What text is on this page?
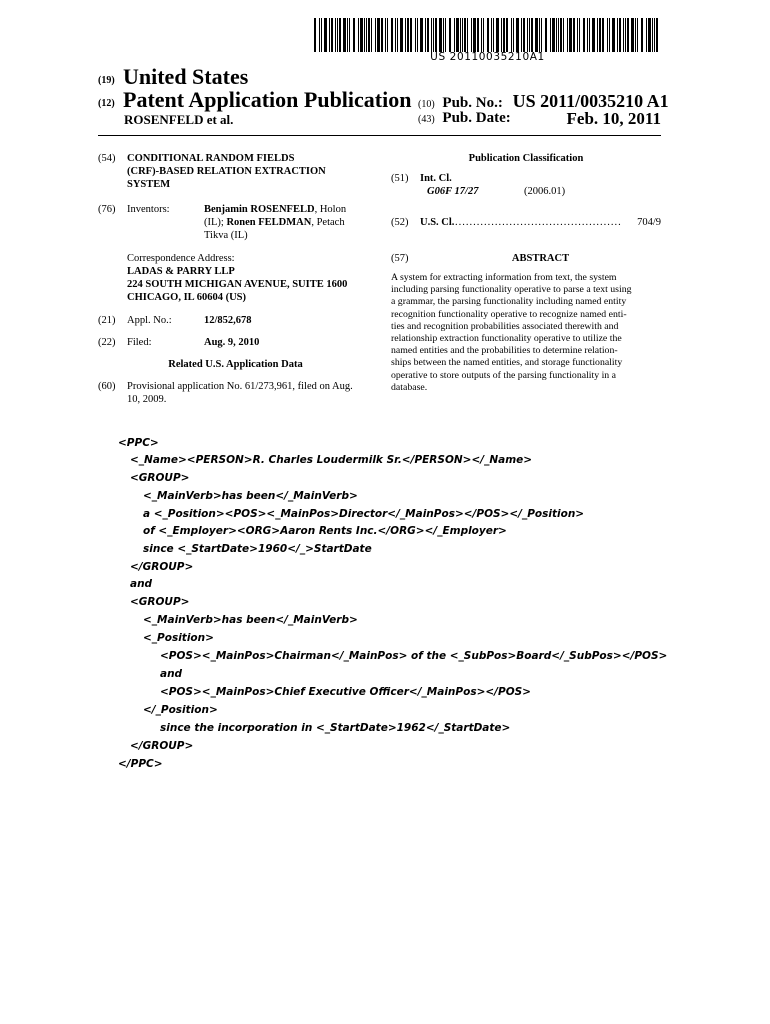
US 20110035210A1
(19) United States
(12) Patent Application Publication
ROSENFELD et al.
(10) Pub. No.: US 2011/0035210 A1
(43) Pub. Date:	Feb. 10, 2011
(54) CONDITIONAL RANDOM FIELDS
(CRF)-BASED RELATION EXTRACTION
SYSTEM
(76) Inventors:	Benjamin ROSENFELD, Holon
(IL); Ronen FELDMAN, Petach
Tikva (IL)
Correspondence Address:
LADAS & PARRY LLP
224 SOUTH MICHIGAN AVENUE, SUITE 1600
CHICAGO, IL 60604 (US)
(21) Appl. No.:	12/852,678
(22) Filed:	Aug. 9, 2010
Related U.S. Application Data
(60) Provisional application No. 61/273,961, filed on Aug.
10, 2009.
Publication Classification
(51) Int. Cl.
G06F 17/27	(2006.01)
(52) U.S. Cl. ..............................................	704/9
(57)	ABSTRACT
A system for extracting information from text, the system
including parsing functionality operative to parse a text using
a grammar, the parsing functionality including named entity
recognition functionality operative to recognize named enti-
ties and recognition probabilities associated therewith and
relationship extraction functionality operative to utilize the
named entities and the probabilities to determine relation-
ships between the named entities, and storage functionality
operative to store outputs of the parsing functionality in a
database.
<PPC>
<_Name><PERSON>R. Charles Loudermilk Sr.</PERSON></_Name>
<GROUP>
<_MainVerb>has been</_MainVerb>
a <_Position><POS><_MainPos>Director</_MainPos></POS></_Position>
of <_Employer><ORG>Aaron Rents Inc.</ORG></_Employer>
since <_StartDate>1960</_>StartDate
</GROUP>
and
<GROUP>
<_MainVerb>has been</_MainVerb>
<_Position>
<POS><_MainPos>Chairman</_MainPos> of the <_SubPos>Board</_SubPos></POS>
and
<POS><_MainPos>Chief Executive Officer</_MainPos></POS>
</_Position>
since the incorporation in <_StartDate>1962</_StartDate>
</GROUP>
</PPC>
